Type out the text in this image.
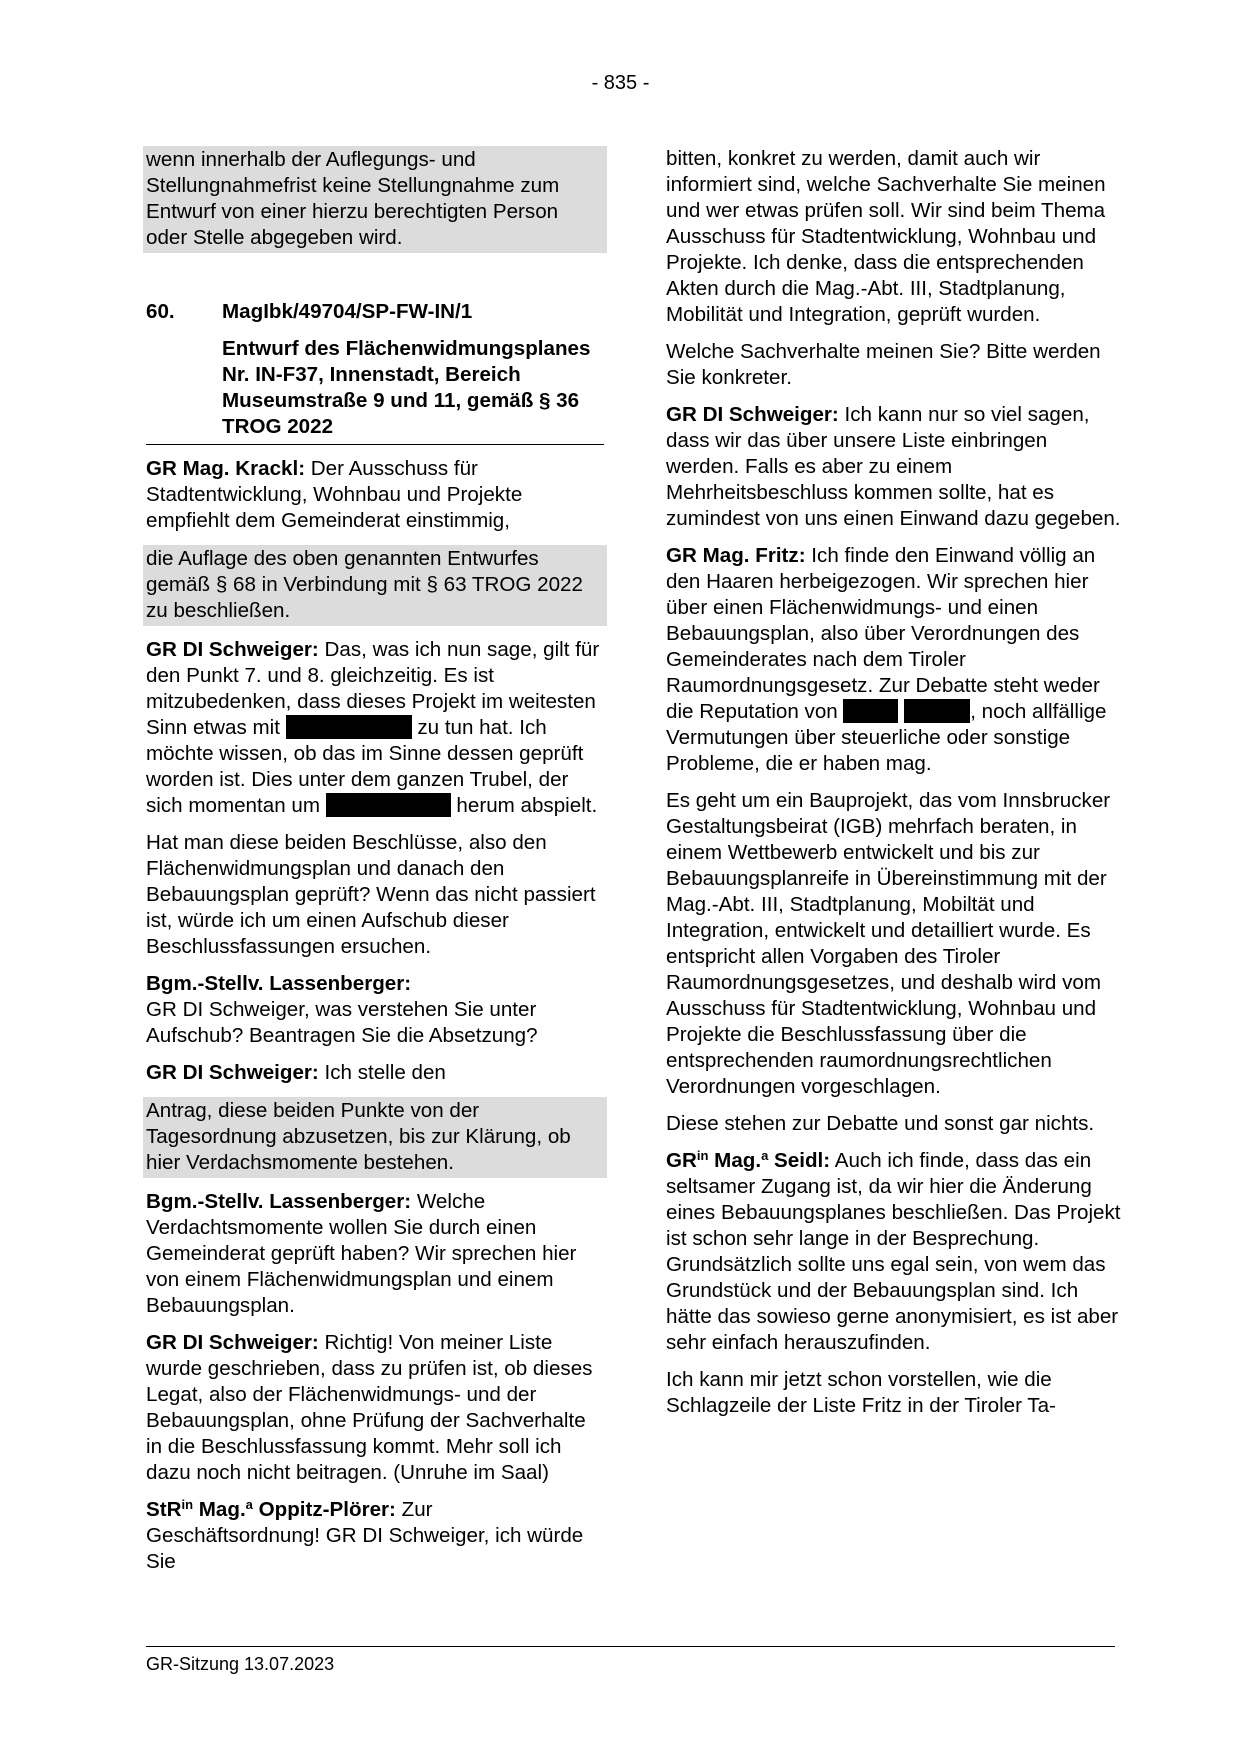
- 835 -

wenn innerhalb der Auflegungs- und Stellungnahmefrist keine Stellungnahme zum Entwurf von einer hierzu berechtigten Person oder Stelle abgegeben wird.

60.	MagIbk/49704/SP-FW-IN/1
Entwurf des Flächenwidmungsplanes Nr. IN-F37, Innenstadt, Bereich Museumstraße 9 und 11, gemäß § 36 TROG 2022

GR Mag. Krackl: Der Ausschuss für Stadtentwicklung, Wohnbau und Projekte empfiehlt dem Gemeinderat einstimmig,

die Auflage des oben genannten Entwurfes gemäß § 68 in Verbindung mit § 63 TROG 2022 zu beschließen.

GR DI Schweiger: Das, was ich nun sage, gilt für den Punkt 7. und 8. gleichzeitig. Es ist mitzubedenken, dass dieses Projekt im weitesten Sinn etwas mit	zu tun hat. Ich möchte wissen, ob das im Sinne dessen geprüft worden ist. Dies unter dem ganzen Trubel, der sich momentan um	herum abspielt.

Hat man diese beiden Beschlüsse, also den Flächenwidmungsplan und danach den Bebauungsplan geprüft? Wenn das nicht passiert ist, würde ich um einen Aufschub dieser Beschlussfassungen ersuchen.

Bgm.-Stellv. Lassenberger:
GR DI Schweiger, was verstehen Sie unter Aufschub? Beantragen Sie die Absetzung?

GR DI Schweiger: Ich stelle den

Antrag, diese beiden Punkte von der Tagesordnung abzusetzen, bis zur Klärung, ob hier Verdachsmomente bestehen.

Bgm.-Stellv. Lassenberger: Welche Verdachtsmomente wollen Sie durch einen Gemeinderat geprüft haben? Wir sprechen hier von einem Flächenwidmungsplan und einem Bebauungsplan.

GR DI Schweiger: Richtig! Von meiner Liste wurde geschrieben, dass zu prüfen ist, ob dieses Legat, also der Flächenwidmungs- und der Bebauungsplan, ohne Prüfung der Sachverhalte in die Beschlussfassung kommt. Mehr soll ich dazu noch nicht beitragen. (Unruhe im Saal)

StR$^{in}$ Mag.$^a$ Oppitz-Plörer: Zur Geschäftsordnung! GR DI Schweiger, ich würde Sie

bitten, konkret zu werden, damit auch wir informiert sind, welche Sachverhalte Sie meinen und wer etwas prüfen soll. Wir sind beim Thema Ausschuss für Stadtentwicklung, Wohnbau und Projekte. Ich denke, dass die entsprechenden Akten durch die Mag.-Abt. III, Stadtplanung, Mobilität und Integration, geprüft wurden.

Welche Sachverhalte meinen Sie? Bitte werden Sie konkreter.

GR DI Schweiger: Ich kann nur so viel sagen, dass wir das über unsere Liste einbringen werden. Falls es aber zu einem Mehrheitsbeschluss kommen sollte, hat es zumindest von uns einen Einwand dazu gegeben.

GR Mag. Fritz: Ich finde den Einwand völlig an den Haaren herbeigezogen. Wir sprechen hier über einen Flächenwidmungs- und einen Bebauungsplan, also über Verordnungen des Gemeinderates nach dem Tiroler Raumordnungsgesetz. Zur Debatte steht weder die Reputation von	, noch allfällige Vermutungen über steuerliche oder sonstige Probleme, die er haben mag.

Es geht um ein Bauprojekt, das vom Innsbrucker Gestaltungsbeirat (IGB) mehrfach beraten, in einem Wettbewerb entwickelt und bis zur Bebauungsplanreife in Übereinstimmung mit der Mag.-Abt. III, Stadtplanung, Mobiltät und Integration, entwickelt und detailliert wurde. Es entspricht allen Vorgaben des Tiroler Raumordnungsgesetzes, und deshalb wird vom Ausschuss für Stadtentwicklung, Wohnbau und Projekte die Beschlussfassung über die entsprechenden raumordnungsrechtlichen Verordnungen vorgeschlagen.

Diese stehen zur Debatte und sonst gar nichts.

$GR^{in}$ Mag.$^a$ Seidl: Auch ich finde, dass das ein seltsamer Zugang ist, da wir hier die Änderung eines Bebauungsplanes beschließen. Das Projekt ist schon sehr lange in der Besprechung. Grundsätzlich sollte uns egal sein, von wem das Grundstück und der Bebauungsplan sind. Ich hätte das sowieso gerne anonymisiert, es ist aber sehr einfach herauszufinden.

Ich kann mir jetzt schon vorstellen, wie die Schlagzeile der Liste Fritz in der Tiroler Ta-

GR-Sitzung 13.07.2023
